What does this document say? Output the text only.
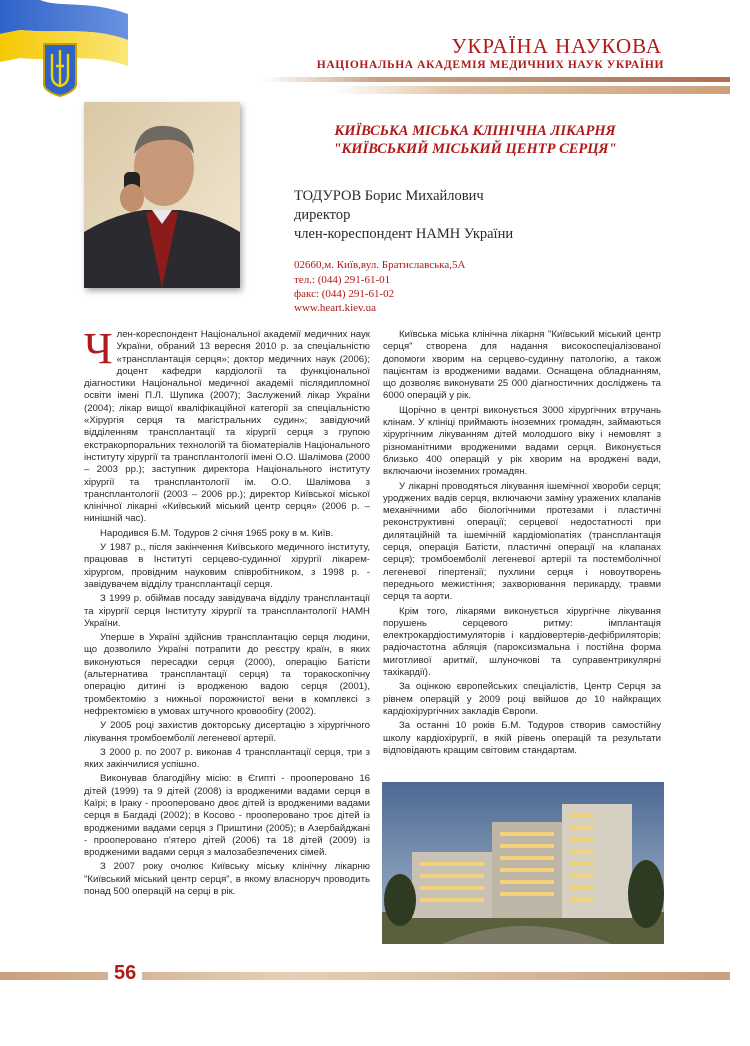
УКРАЇНА НАУКОВА
НАЦІОНАЛЬНА АКАДЕМІЯ МЕДИЧНИХ НАУК УКРАЇНИ
КИЇВСЬКА МІСЬКА КЛІНІЧНА ЛІКАРНЯ
"КИЇВСЬКИЙ МІСЬКИЙ ЦЕНТР СЕРЦЯ"
ТОДУРОВ Борис Михайлович
директор
член-кореспондент НАМН України
02660,м. Київ,вул. Братиславська,5А
тел.: (044) 291-61-01
факс: (044) 291-61-02
www.heart.kiev.ua

Член-кореспондент Національної академії медичних наук України, обраний 13 вересня 2010 р. за спеціальністю «трансплантація серця»; доктор медичних наук (2006); доцент кафедри кардіології та функціональної діагностики Національної медичної академії післядипломної освіти імені П.Л. Шупика (2007); Заслужений лікар України (2004); лікар вищої кваліфікаційної категорії за спеціальністю «Хірургія серця та магістральних судин»; завідуючий відділенням трансплантації та хірургії серця з групою екстракорпоральних технологій та біоматеріалів Національного інституту хірургії та трансплантології імені О.О. Шалімова (2000 – 2003 рр.); заступник директора Національного інституту хірургії та трансплантології ім. О.О. Шалімова з трансплантології (2003 – 2006 рр.); директор Київської міської клінічної лікарні «Київський міський центр серця» (2006 р. – нинішній час).

Народився Б.М. Тодуров 2 січня 1965 року в м. Київ.

У 1987 р., після закінчення Київського медичного інституту, працював в Інституті серцево-судинної хірургії лікарем-хірургом, провідним науковим співробітником, з 1998 р. - завідувачем відділу трансплантації серця.

З 1999 р. обіймав посаду завідувача відділу трансплантації та хірургії серця Інституту хірургії та трансплантології НАМН України.

Уперше в Україні здійснив трансплантацію серця людини, що дозволило Україні потрапити до реєстру країн, в яких виконуються пересадки серця (2000), операцію Батісти (альтернатива трансплантації серця) та торакоскопічну операцію дитині із вродженою вадою серця (2001), тромбектомію з нижньої порожнистої вени в комплексі з нефректомією в умовах штучного кровообігу (2002).

У 2005 році захистив докторську дисертацію з хірургічного лікування тромбоемболії легеневої артерії.

З 2000 р. по 2007 р. виконав 4 трансплантації серця, три з яких закінчилися успішно.

Виконував благодійну місію: в Єгипті - прооперовано 16 дітей (1999) та 9 дітей (2008) із вродженими вадами серця в Каїрі; в Іраку - прооперовано двоє дітей із вродженими вадами серця в Багдаді (2002); в Косово - прооперовано троє дітей із вродженими вадами серця з Приштини (2005); в Азербайджані - прооперовано п'ятеро дітей (2006) та 18 дітей (2009) із вродженими вадами серця з малозабезпечених сімей.

З 2007 року очолює Київську міську клінічну лікарню "Київський міський центр серця", в якому власноруч проводить понад 500 операцій на серці в рік.

Київська міська клінічна лікарня "Київський міський центр серця" створена для надання високоспеціалізованої допомоги хворим на серцево-судинну патологію, а також пацієнтам із вродженими вадами. Оснащена обладнанням, що дозволяє виконувати 25 000 діагностичних досліджень та 6000 операцій у рік.

Щорічно в центрі виконується 3000 хірургічних втручань клінам. У клініці приймають іноземних громадян, займаються хірургічним лікуванням дітей молодшого віку і немовлят з різноманітними вродженими вадами серця. Виконується близько 400 операцій у рік хворим на вроджені вади, включаючи іноземних громадян.

У лікарні проводяться лікування ішемічної хвороби серця; уроджених вадів серця, включаючи заміну уражених клапанів механічними або біологічними протезами і пластичні реконструктивні операції; серцевої недостатності при дилятаційній та ішемічній кардіоміопатіях (трансплантація серця, операція Батісти, пластичні операції на клапанах серця); тромбоемболії легеневої артерії та постемболічної легеневої гіпертензії; пухлини серця і новоутворень переднього межистіння; захворювання перикарду, травми серця та аорти.

Крім того, лікарями виконується хірургічне лікування порушень серцевого ритму: імплантація електрокардіостимуляторів і кардіовертерів-дефібриляторів; радіочастотна абляція (пароксизмальна і постійна форма миготливої аритмії, шлуночкові та суправентрикулярні тахікардії).

За оцінкою європейських спеціалістів, Центр Серця за рівнем операцій у 2009 році ввійшов до 10 найкращих кардіохірургічних закладів Європи.

За останні 10 років Б.М. Тодуров створив самостійну школу кардіохірургії, в якій рівень операцій та результати відповідають кращим світовим стандартам.

56
